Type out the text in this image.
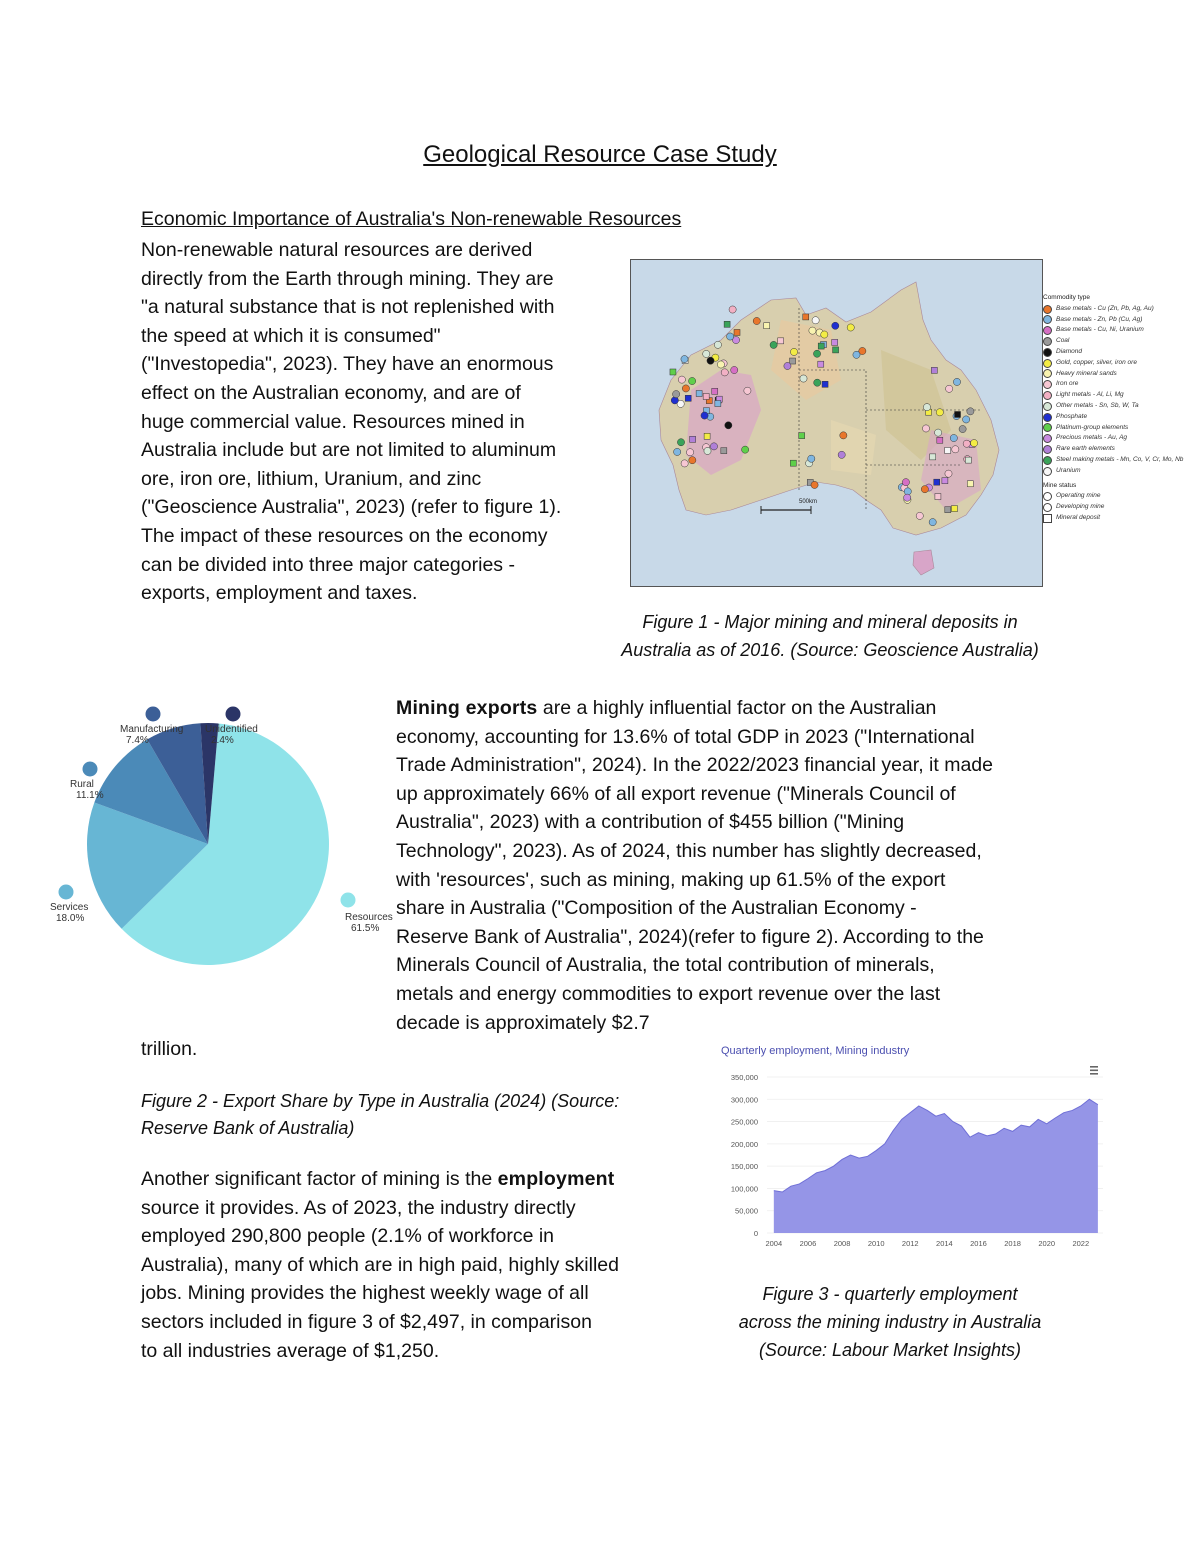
Geological Resource Case Study
Economic Importance of Australia's Non-renewable Resources
Non-renewable natural resources are derived
directly from the Earth through mining. They are
"a natural substance that is not replenished with
the speed at which it is consumed"
("Investopedia", 2023). They have an enormous
effect on the Australian economy, and are of
huge commercial value. Resources mined in
Australia include but are not limited to aluminum
ore, iron ore, lithium, Uranium, and zinc
("Geoscience Australia", 2023) (refer to figure 1).
The impact of these resources on the economy
can be divided into three major categories -
exports, employment and taxes.
500km
Commodity type
Base metals - Cu (Zn, Pb, Ag, Au)
Base metals - Zn, Pb (Cu, Ag)
Base metals - Cu, Ni, Uranium
Coal
Diamond
Gold, copper, silver, iron ore
Heavy mineral sands
Iron ore
Light metals - Al, Li, Mg
Other metals - Sn, Sb, W, Ta
Phosphate
Platinum-group elements
Precious metals - Au, Ag
Rare earth elements
Steel making metals - Mn, Co, V, Cr, Mo, Nb
Uranium
Mine status
Operating mine
Developing mine
Mineral deposit
Figure 1 - Major mining and mineral deposits in
Australia as of 2016. (Source: Geoscience Australia)
Resources
61.5%
Services
18.0%
Rural
11.1%
Manufacturing
7.4%
Unidentified
2.4%
Mining exports are a highly influential factor on the Australian
economy, accounting for 13.6% of total GDP in 2023 ("International
Trade Administration", 2024). In the 2022/2023 financial year, it made
up approximately 66% of all export revenue ("Minerals Council of
Australia", 2023) with a contribution of $455 billion ("Mining
Technology", 2023). As of 2024, this number has slightly decreased,
with 'resources', such as mining, making up 61.5% of the export
share in Australia ("Composition of the Australian Economy -
Reserve Bank of Australia", 2024)(refer to figure 2). According to the
Minerals Council of Australia, the total contribution of minerals,
metals and energy commodities to export revenue over the last
decade is approximately $2.7
trillion.
Figure 2 - Export Share by Type in Australia (2024) (Source:
Reserve Bank of Australia)
Another significant factor of mining is the employment
source it provides. As of 2023, the industry directly
employed 290,800 people (2.1% of workforce in
Australia), many of which are in high paid, highly skilled
jobs. Mining provides the highest weekly wage of all
sectors included in figure 3 of $2,497, in comparison
to all industries average of $1,250.
Quarterly employment, Mining industry
350,000
300,000
250,000
200,000
150,000
100,000
50,000
0
2004 2006 2008 2010 2012 2014 2016 2018 2020 2022
Figure 3 - quarterly employment
across the mining industry in Australia
(Source: Labour Market Insights)
